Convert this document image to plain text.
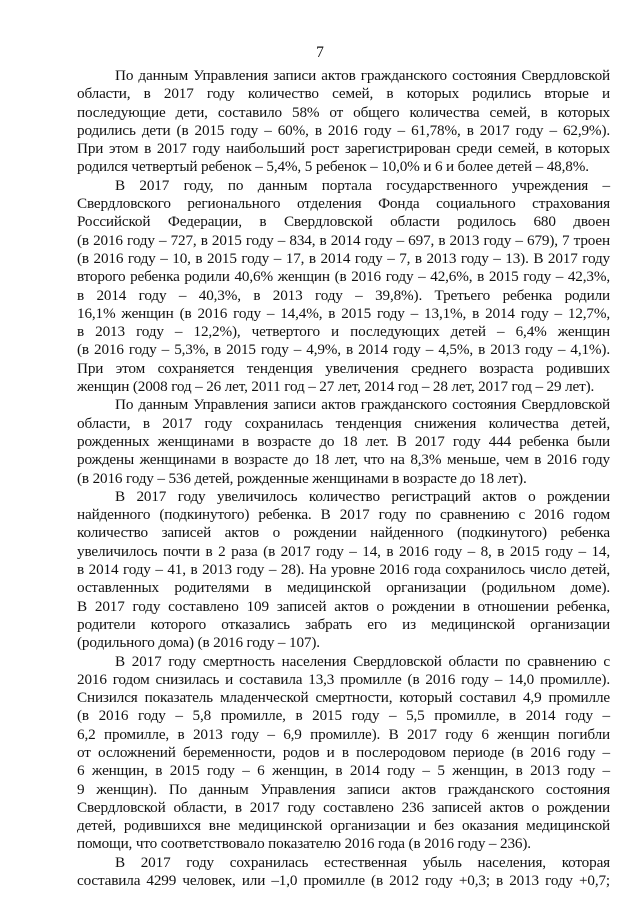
7
По данным Управления записи актов гражданского состояния Свердловской
области, в 2017 году количество семей, в которых родились вторые и
последующие дети, составило 58% от общего количества семей, в которых
родились дети (в 2015 году – 60%, в 2016 году – 61,78%, в 2017 году – 62,9%).
При этом в 2017 году наибольший рост зарегистрирован среди семей, в которых
родился четвертый ребенок – 5,4%, 5 ребенок – 10,0% и 6 и более детей – 48,8%.
В 2017 году, по данным портала государственного учреждения –
Свердловского регионального отделения Фонда социального страхования
Российской Федерации, в Свердловской области родилось 680 двоен
(в 2016 году – 727, в 2015 году – 834, в 2014 году – 697, в 2013 году – 679), 7 троен
(в 2016 году – 10, в 2015 году – 17, в 2014 году – 7, в 2013 году – 13). В 2017 году
второго ребенка родили 40,6% женщин (в 2016 году – 42,6%, в 2015 году – 42,3%,
в 2014 году – 40,3%, в 2013 году – 39,8%). Третьего ребенка родили
16,1% женщин (в 2016 году – 14,4%, в 2015 году – 13,1%, в 2014 году – 12,7%,
в 2013 году – 12,2%), четвертого и последующих детей – 6,4% женщин
(в 2016 году – 5,3%, в 2015 году – 4,9%, в 2014 году – 4,5%, в 2013 году – 4,1%).
При этом сохраняется тенденция увеличения среднего возраста родивших
женщин (2008 год – 26 лет, 2011 год – 27 лет, 2014 год – 28 лет, 2017 год – 29 лет).
По данным Управления записи актов гражданского состояния Свердловской
области, в 2017 году сохранилась тенденция снижения количества детей,
рожденных женщинами в возрасте до 18 лет. В 2017 году 444 ребенка были
рождены женщинами в возрасте до 18 лет, что на 8,3% меньше, чем в 2016 году
(в 2016 году – 536 детей, рожденные женщинами в возрасте до 18 лет).
В 2017 году увеличилось количество регистраций актов о рождении
найденного (подкинутого) ребенка. В 2017 году по сравнению с 2016 годом
количество записей актов о рождении найденного (подкинутого) ребенка
увеличилось почти в 2 раза (в 2017 году – 14, в 2016 году – 8, в 2015 году – 14,
в 2014 году – 41, в 2013 году – 28). На уровне 2016 года сохранилось число детей,
оставленных родителями в медицинской организации (родильном доме).
В 2017 году составлено 109 записей актов о рождении в отношении ребенка,
родители которого отказались забрать его из медицинской организации
(родильного дома) (в 2016 году – 107).
В 2017 году смертность населения Свердловской области по сравнению с
2016 годом снизилась и составила 13,3 промилле (в 2016 году – 14,0 промилле).
Снизился показатель младенческой смертности, который составил 4,9 промилле
(в 2016 году – 5,8 промилле, в 2015 году – 5,5 промилле, в 2014 году –
6,2 промилле, в 2013 году – 6,9 промилле). В 2017 году 6 женщин погибли
от осложнений беременности, родов и в послеродовом периоде (в 2016 году –
6 женщин, в 2015 году – 6 женщин, в 2014 году – 5 женщин, в 2013 году –
9 женщин). По данным Управления записи актов гражданского состояния
Свердловской области, в 2017 году составлено 236 записей актов о рождении
детей, родившихся вне медицинской организации и без оказания медицинской
помощи, что соответствовало показателю 2016 года (в 2016 году – 236).
В 2017 году сохранилась естественная убыль населения, которая
составила 4299 человек, или –1,0 промилле (в 2012 году +0,3; в 2013 году +0,7;
